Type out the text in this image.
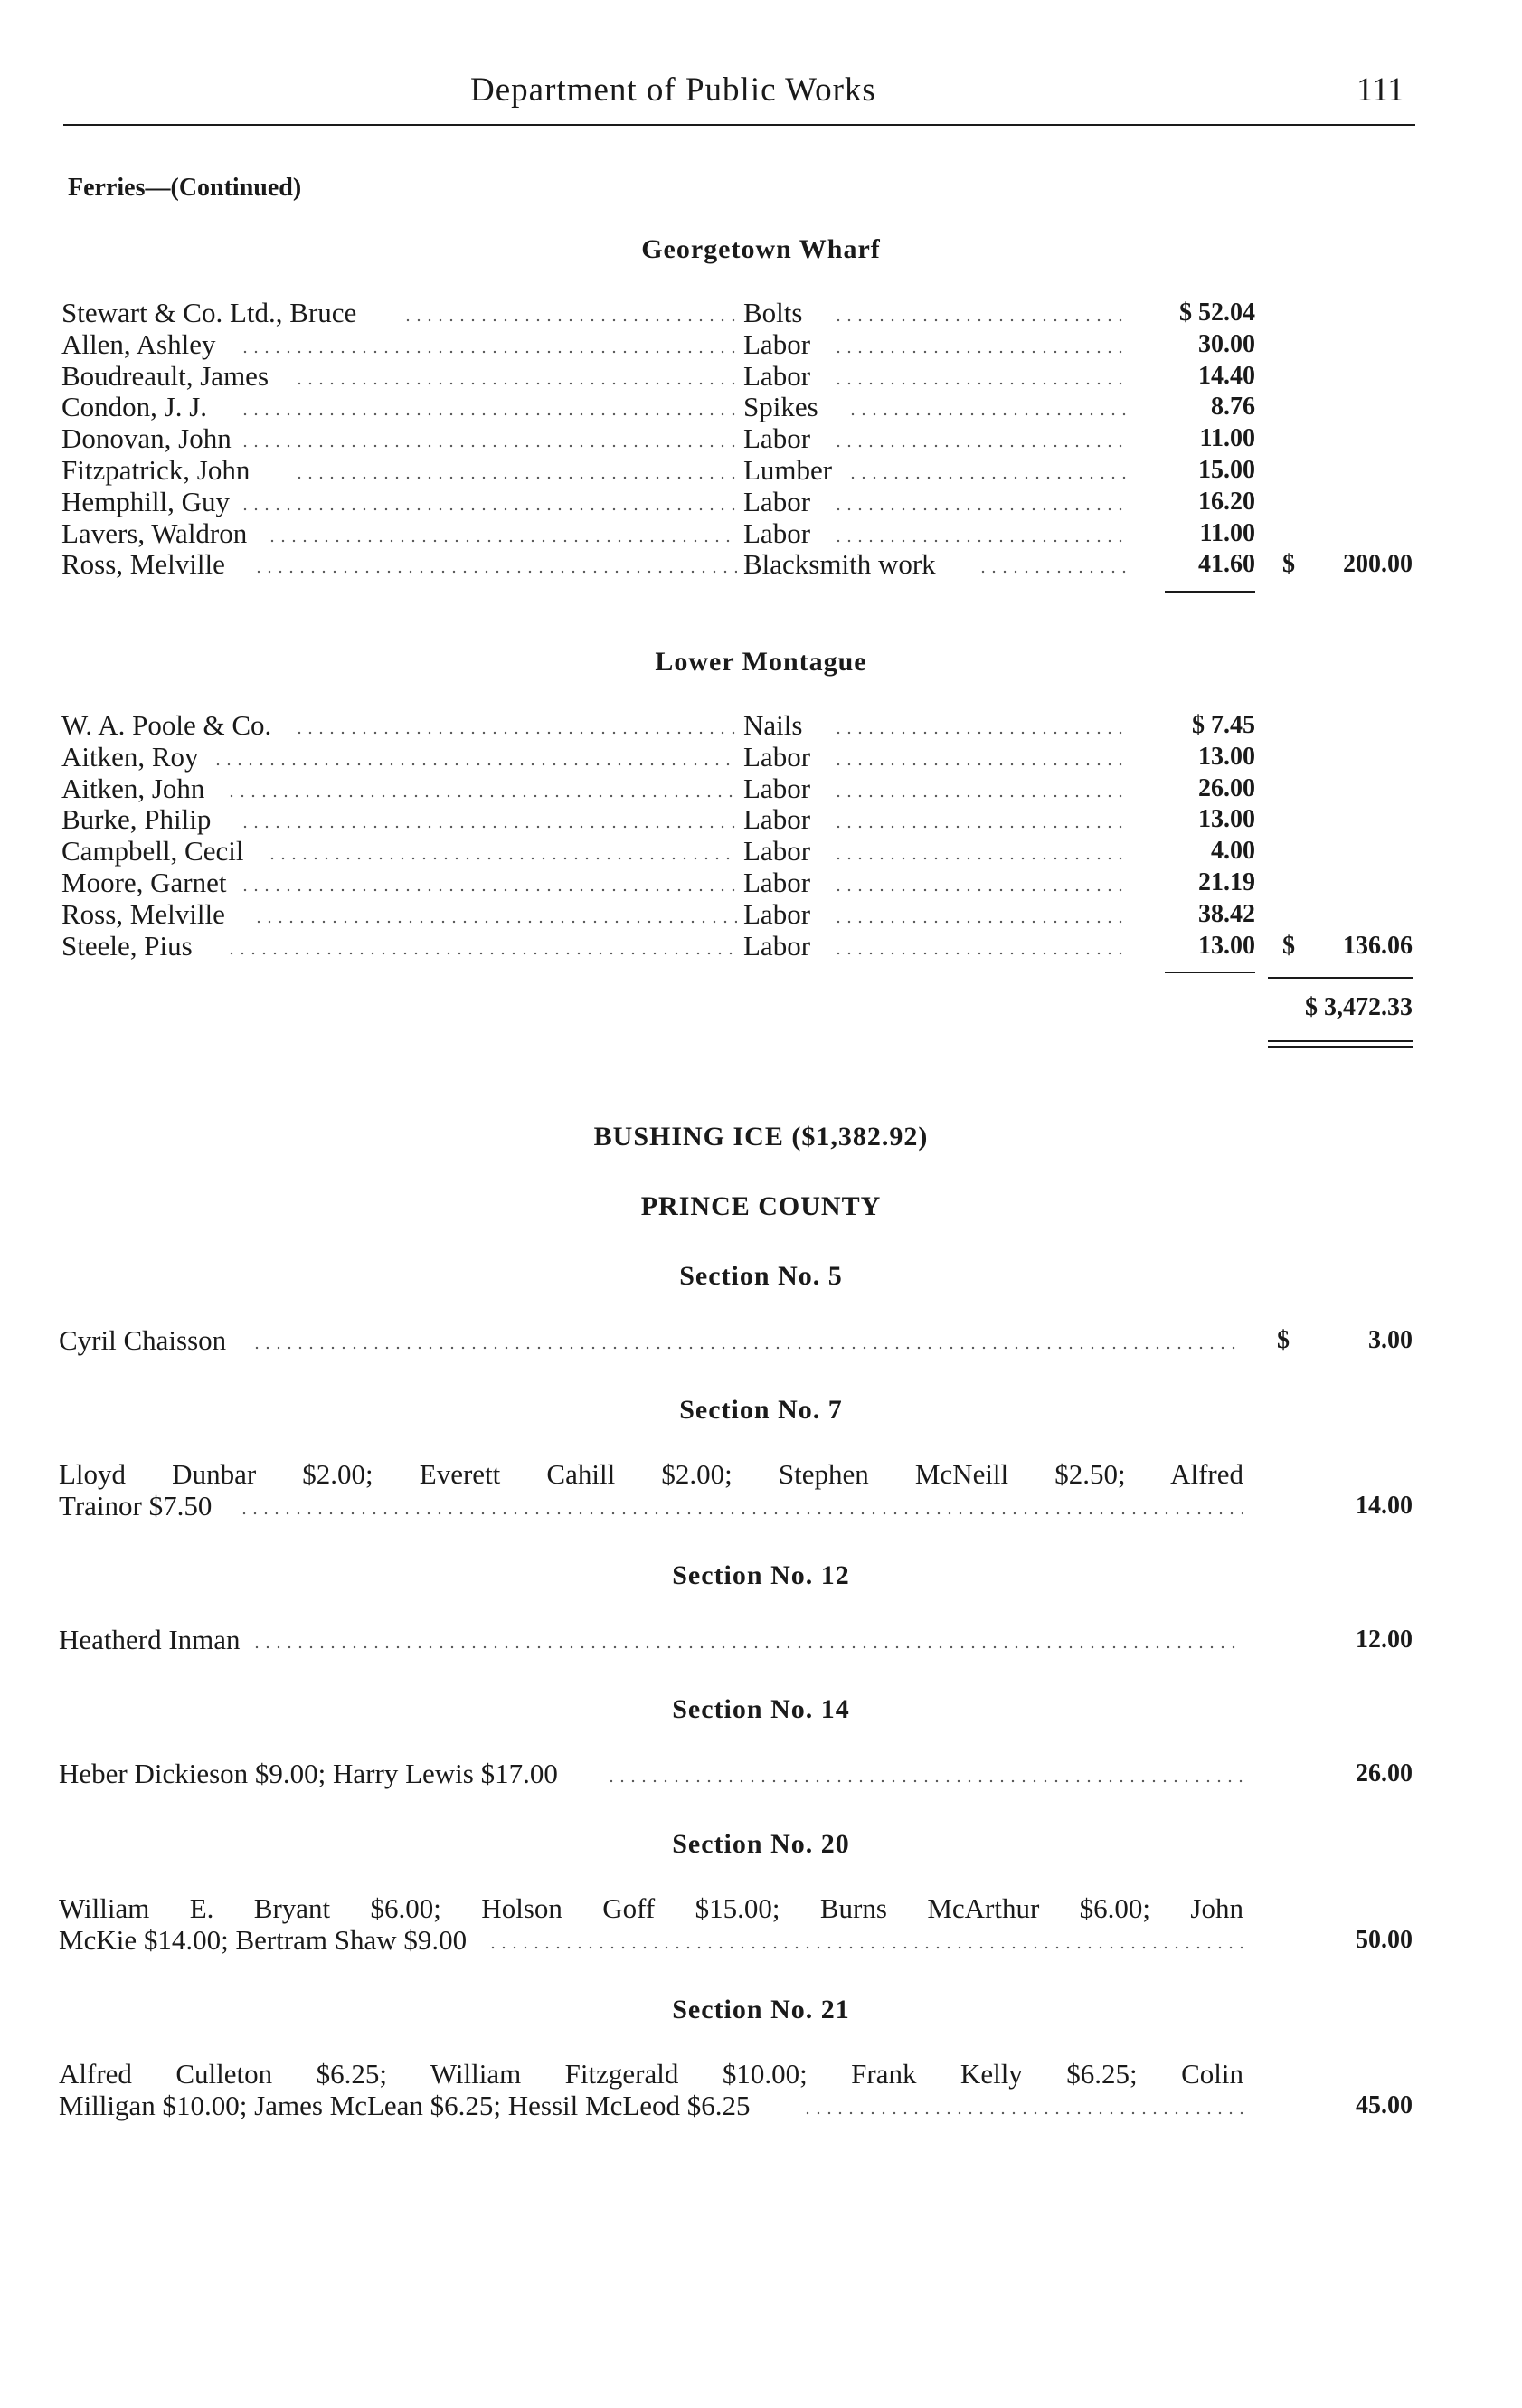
Department of Public Works	111
Ferries—(Continued)
Georgetown Wharf
Stewart & Co. Ltd., Bruce	Bolts	$ 52.04
Allen, Ashley	Labor	30.00
Boudreault, James	Labor	14.40
Condon, J. J.	Spikes	8.76
Donovan, John	Labor	11.00
Fitzpatrick, John	Lumber	15.00
Hemphill, Guy	Labor	16.20
Lavers, Waldron	Labor	11.00
Ross, Melville	Blacksmith work	41.60 $	200.00
Lower Montague
W. A. Poole & Co.	Nails	$ 7.45
Aitken, Roy	Labor	13.00
Aitken, John	Labor	26.00
Burke, Philip	Labor	13.00
Campbell, Cecil	Labor	4.00
Moore, Garnet	Labor	21.19
Ross, Melville	Labor	38.42
Steele, Pius	Labor	13.00 $	136.06
$ 3,472.33
BUSHING ICE ($1,382.92)
PRINCE COUNTY
Section No. 5
Cyril Chaisson	$	3.00
Section No. 7
Lloyd Dunbar $2.00; Everett Cahill $2.00; Stephen McNeill $2.50; Alfred
Trainor $7.50	14.00
Section No. 12
Heatherd Inman	12.00
Section No. 14
Heber Dickieson $9.00; Harry Lewis $17.00	26.00
Section No. 20
William E. Bryant $6.00; Holson Goff $15.00; Burns McArthur $6.00; John
McKie $14.00; Bertram Shaw $9.00	50.00
Section No. 21
Alfred Culleton $6.25; William Fitzgerald $10.00; Frank Kelly $6.25; Colin
Milligan $10.00; James McLean $6.25; Hessil McLeod $6.25	45.00
